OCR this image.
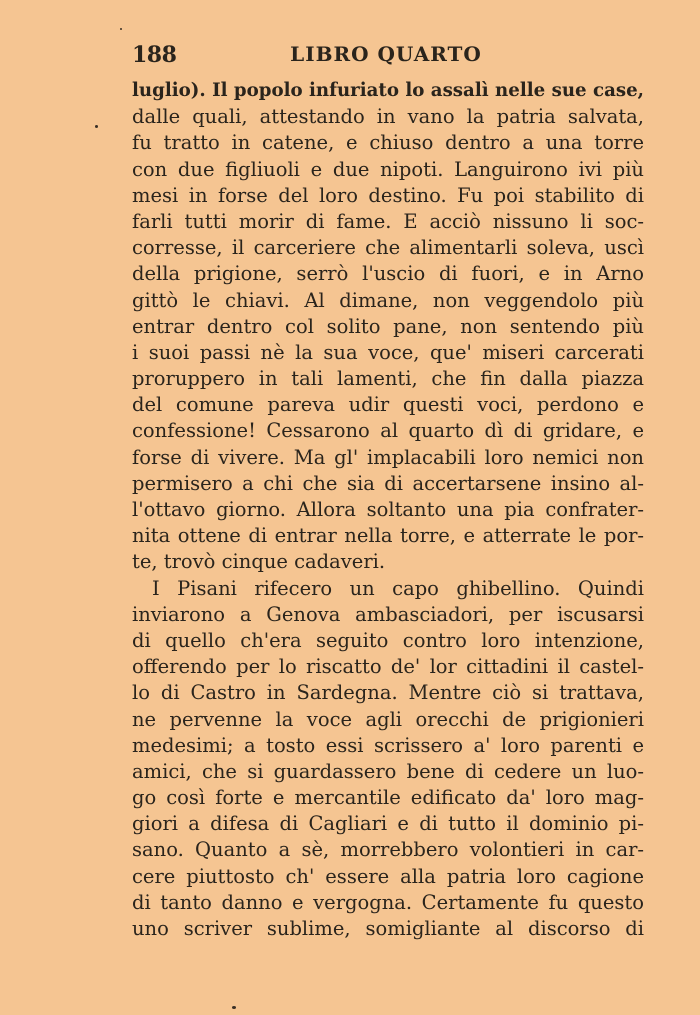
188	LIBRO QUARTO
luglio). Il popolo infuriato lo assalì nelle sue case,
dalle quali, attestando in vano la patria salvata,
fu tratto in catene, e chiuso dentro a una torre
con due figliuoli e due nipoti. Languirono ivi più
mesi in forse del loro destino. Fu poi stabilito di
farli tutti morir di fame. E acciò nissuno li soc-
corresse, il carceriere che alimentarli soleva, uscì
della prigione, serrò l'uscio di fuori, e in Arno
gittò le chiavi. Al dimane, non veggendolo più
entrar dentro col solito pane, non sentendo più
i suoi passi nè la sua voce, que' miseri carcerati
proruppero in tali lamenti, che fin dalla piazza
del comune pareva udir questi voci, perdono e
confessione! Cessarono al quarto dì di gridare, e
forse di vivere. Ma gl' implacabili loro nemici non
permisero a chi che sia di accertarsene insino al-
l'ottavo giorno. Allora soltanto una pia confrater-
nita ottene di entrar nella torre, e atterrate le por-
te, trovò cinque cadaveri.
I Pisani rifecero un capo ghibellino. Quindi
inviarono a Genova ambasciadori, per iscusarsi
di quello ch'era seguito contro loro intenzione,
offerendo per lo riscatto de' lor cittadini il castel-
lo di Castro in Sardegna. Mentre ciò si trattava,
ne pervenne la voce agli orecchi de prigionieri
medesimi; a tosto essi scrissero a' loro parenti e
amici, che si guardassero bene di cedere un luo-
go così forte e mercantile edificato da' loro mag-
giori a difesa di Cagliari e di tutto il dominio pi-
sano. Quanto a sè, morrebbero volontieri in car-
cere piuttosto ch' essere alla patria loro cagione
di tanto danno e vergogna. Certamente fu questo
uno scriver sublime, somigliante al discorso di
